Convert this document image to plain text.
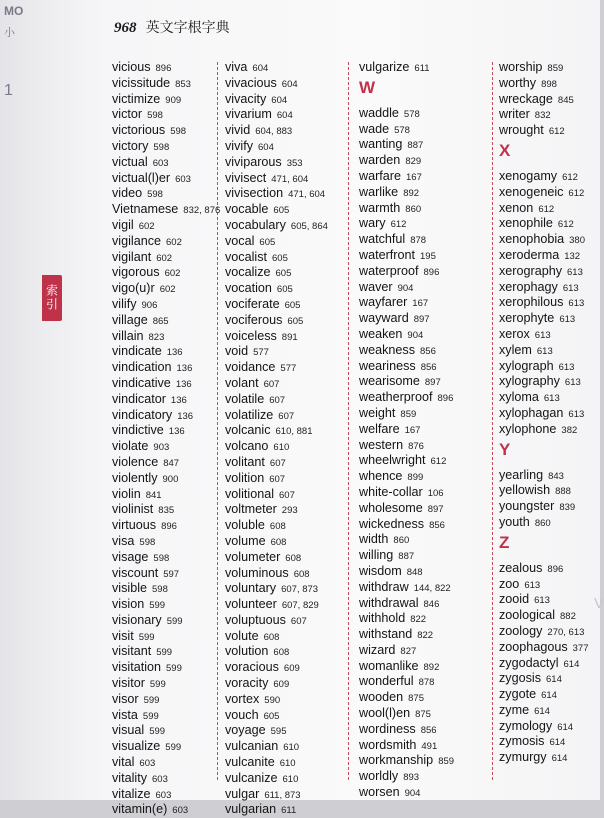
MO
小
1
968 英文字根字典
索引
vicious 896
vicissitude 853
victimize 909
victor 598
victorious 598
victory 598
victual 603
victual(l)er 603
video 598
Vietnamese 832, 876
vigil 602
vigilance 602
vigilant 602
vigorous 602
vigo(u)r 602
vilify 906
village 865
villain 823
vindicate 136
vindication 136
vindicative 136
vindicator 136
vindicatory 136
vindictive 136
violate 903
violence 847
violently 900
violin 841
violinist 835
virtuous 896
visa 598
visage 598
viscount 597
visible 598
vision 599
visionary 599
visit 599
visitant 599
visitation 599
visitor 599
visor 599
vista 599
visual 599
visualize 599
vital 603
vitality 603
vitalize 603
vitamin(e) 603
viva 604
vivacious 604
vivacity 604
vivarium 604
vivid 604, 883
vivify 604
viviparous 353
vivisect 471, 604
vivisection 471, 604
vocable 605
vocabulary 605, 864
vocal 605
vocalist 605
vocalize 605
vocation 605
vociferate 605
vociferous 605
voiceless 891
void 577
voidance 577
volant 607
volatile 607
volatilize 607
volcanic 610, 881
volcano 610
volitant 607
volition 607
volitional 607
voltmeter 293
voluble 608
volume 608
volumeter 608
voluminous 608
voluntary 607, 873
volunteer 607, 829
voluptuous 607
volute 608
volution 608
voracious 609
voracity 609
vortex 590
vouch 605
voyage 595
vulcanian 610
vulcanite 610
vulcanize 610
vulgar 611, 873
vulgarian 611
vulgarize 611
W
waddle 578
wade 578
wanting 887
warden 829
warfare 167
warlike 892
warmth 860
wary 612
watchful 878
waterfront 195
waterproof 896
waver 904
wayfarer 167
wayward 897
weaken 904
weakness 856
weariness 856
wearisome 897
weatherproof 896
weight 859
welfare 167
western 876
wheelwright 612
whence 899
white-collar 106
wholesome 897
wickedness 856
width 860
willing 887
wisdom 848
withdraw 144, 822
withdrawal 846
withhold 822
withstand 822
wizard 827
womanlike 892
wonderful 878
wooden 875
wool(l)en 875
wordiness 856
wordsmith 491
workmanship 859
worldly 893
worsen 904
worship 859
worthy 898
wreckage 845
writer 832
wrought 612
X
xenogamy 612
xenogeneic 612
xenon 612
xenophile 612
xenophobia 380
xeroderma 132
xerography 613
xerophagy 613
xerophilous 613
xerophyte 613
xerox 613
xylem 613
xylograph 613
xylography 613
xyloma 613
xylophagan 613
xylophone 382
Y
yearling 843
yellowish 888
youngster 839
youth 860
Z
zealous 896
zoo 613
zooid 613
zoological 882
zoology 270, 613
zoophagous 377
zygodactyl 614
zygosis 614
zygote 614
zyme 614
zymology 614
zymosis 614
zymurgy 614
V
